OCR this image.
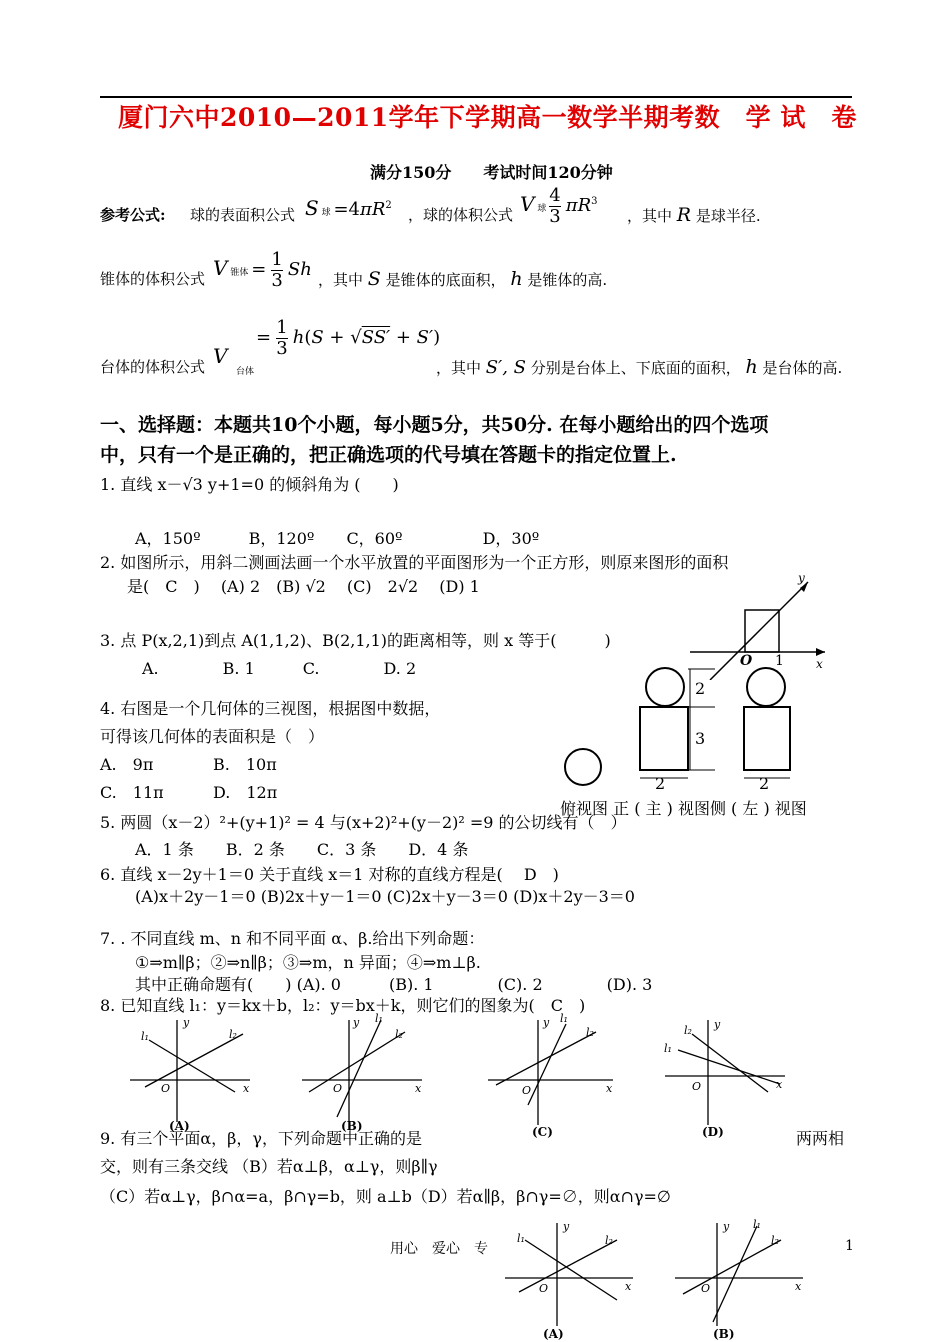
厦门六中2010—2011学年下学期高一数学半期考数　学 试　卷
满分150分　　考试时间120分钟
参考公式: 球的表面积公式 S 球 $=4\pi R^2$
，球的体积公式 V 球 $\frac{4}{3} \pi R^3$
，其中 R 是球半径.
锥体的体积公式 V 锥体 = $\frac{1}{3}$ Sh ，其中 S 是锥体的底面积， h 是锥体的高.
台体的体积公式 V
台体
= $\frac{1}{3} h(S + √SS' + S')$
，其中 S′, S 分别是台体上、下底面的面积， h 是台体的高.
一、选择题：本题共10个小题，每小题5分，共50分. 在每小题给出的四个选项
中，只有一个是正确的，把正确选项的代号填在答题卡的指定位置上.
1. 直线 x－√3 y+1=0 的倾斜角为 (　　)
A，150º　　　B，120º　　C，60º　　　　　D，30º
2. 如图所示，用斜二测画法画一个水平放置的平面图形为一个正方形，则原来图形的面积
是(　C　)　 (A) 2　(B) √2　 (C)　2√2　 (D) 1
3. 点 P(x,2,1)到点 A(1,1,2)、B(2,1,1)的距离相等，则 x 等于(　　　)
A.　　　　B. 1　　　C.　　　　D. 2
4. 右图是一个几何体的三视图，根据图中数据，
可得该几何体的表面积是（　）
A.　9π	B.　10π
C.　11π	D.　12π
5. 两圆（x－2）²+(y+1)² = 4 与(x+2)²+(y－2)² =9 的公切线有（　）
A．1 条　　B．2 条　　C．3 条　　D．4 条
6. 直线 x－2y＋1＝0 关于直线 x＝1 对称的直线方程是(　 D　)
(A)x＋2y－1＝0 (B)2x＋y－1＝0 (C)2x＋y－3＝0 (D)x＋2y－3＝0
7. . 不同直线 m、n 和不同平面 α、β.给出下列命题：
①⇒m∥β；②⇒n∥β；③⇒m，n 异面；④⇒m⊥β.
其中正确命题有(　　) (A). 0　　　(B). 1　　　　(C). 2　　　　(D). 3
8. 已知直线 l₁：y＝kx＋b，l₂：y＝bx＋k，则它们的图象为(　C　)
9. 有三个平面α，β，γ，下列命题中正确的是	两两相
交，则有三条交线 （B）若α⊥β，α⊥γ，则β∥γ
（C）若α⊥γ，β∩α=a，β∩γ=b，则 a⊥b（D）若α∥β，β∩γ=∅，则α∩γ=∅
用心　爱心　专	1
O 1	x
y
2
3
2	2
俯视图 正 ( 主 ) 视图侧 ( 左 ) 视图
O
l₁	l₂
y
x
(A)
O
l₁
l₂
y
x
(B)
O
l₁
l₂
y
x
(C)
O
l₁
l₂ y
x
(D)
O
l₁	l₂
y
x
(A)
O
l₁
l₂
y
x
(B)
